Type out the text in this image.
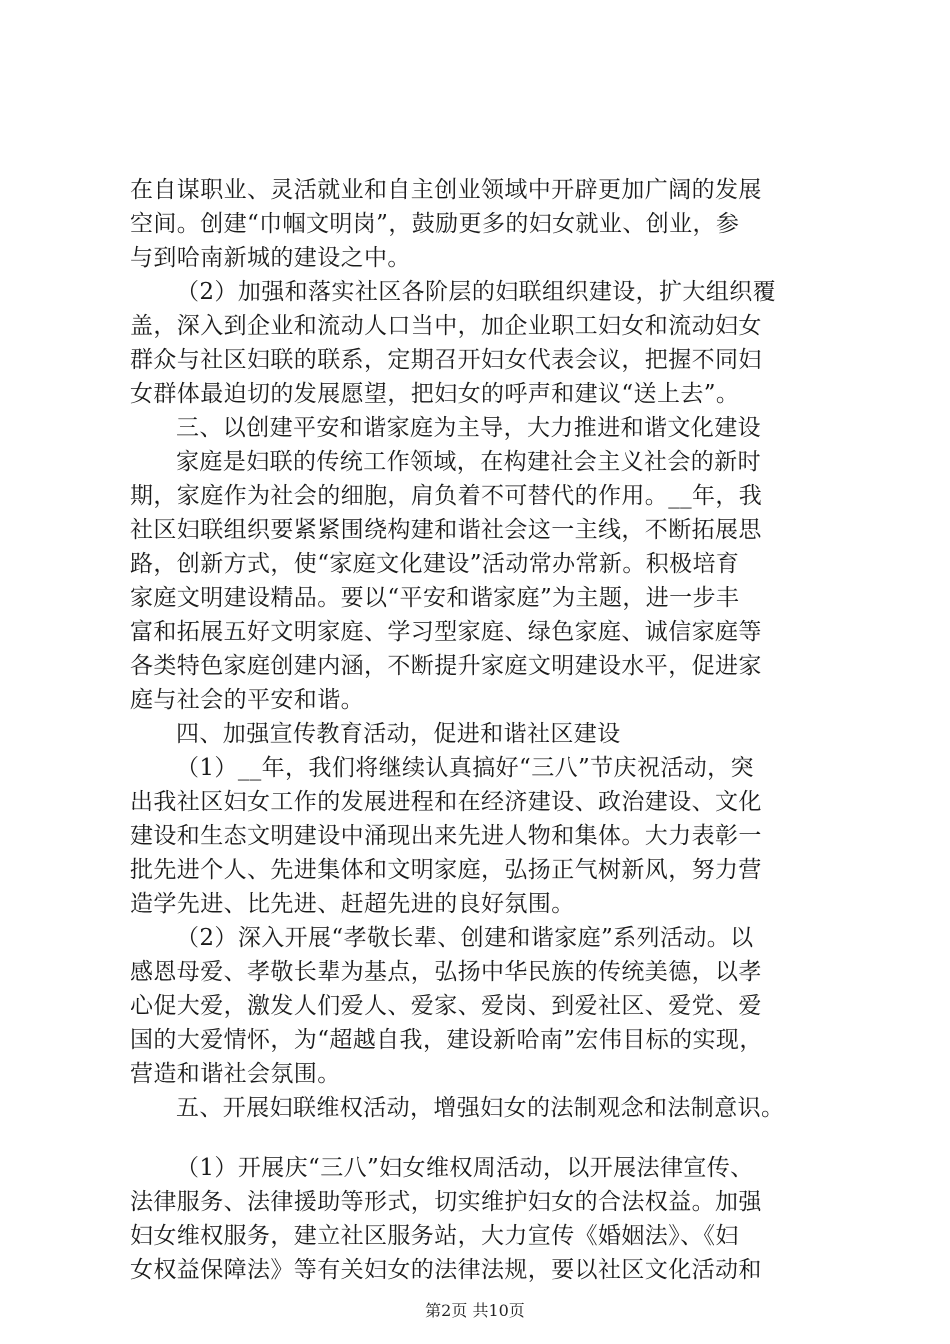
在自谋职业、灵活就业和自主创业领域中开辟更加广阔的发展
空间。创建“巾帼文明岗”，鼓励更多的妇女就业、创业，参
与到哈南新城的建设之中。
（2）加强和落实社区各阶层的妇联组织建设，扩大组织覆
盖，深入到企业和流动人口当中，加企业职工妇女和流动妇女
群众与社区妇联的联系，定期召开妇女代表会议，把握不同妇
女群体最迫切的发展愿望，把妇女的呼声和建议“送上去”。
三、以创建平安和谐家庭为主导，大力推进和谐文化建设
家庭是妇联的传统工作领域，在构建社会主义社会的新时
期，家庭作为社会的细胞，肩负着不可替代的作用。__年，我
社区妇联组织要紧紧围绕构建和谐社会这一主线，不断拓展思
路，创新方式，使“家庭文化建设”活动常办常新。积极培育
家庭文明建设精品。要以“平安和谐家庭”为主题，进一步丰
富和拓展五好文明家庭、学习型家庭、绿色家庭、诚信家庭等
各类特色家庭创建内涵，不断提升家庭文明建设水平，促进家
庭与社会的平安和谐。
四、加强宣传教育活动，促进和谐社区建设
（1）__年，我们将继续认真搞好“三八”节庆祝活动，突
出我社区妇女工作的发展进程和在经济建设、政治建设、文化
建设和生态文明建设中涌现出来先进人物和集体。大力表彰一
批先进个人、先进集体和文明家庭，弘扬正气树新风，努力营
造学先进、比先进、赶超先进的良好氛围。
（2）深入开展“孝敬长辈、创建和谐家庭”系列活动。以
感恩母爱、孝敬长辈为基点，弘扬中华民族的传统美德，以孝
心促大爱，激发人们爱人、爱家、爱岗、到爱社区、爱党、爱
国的大爱情怀，为“超越自我，建设新哈南”宏伟目标的实现，
营造和谐社会氛围。
五、开展妇联维权活动，增强妇女的法制观念和法制意识。
（1）开展庆“三八”妇女维权周活动，以开展法律宣传、
法律服务、法律援助等形式，切实维护妇女的合法权益。加强
妇女维权服务，建立社区服务站，大力宣传《婚姻法》、《妇
女权益保障法》等有关妇女的法律法规，要以社区文化活动和
第2页 共10页
